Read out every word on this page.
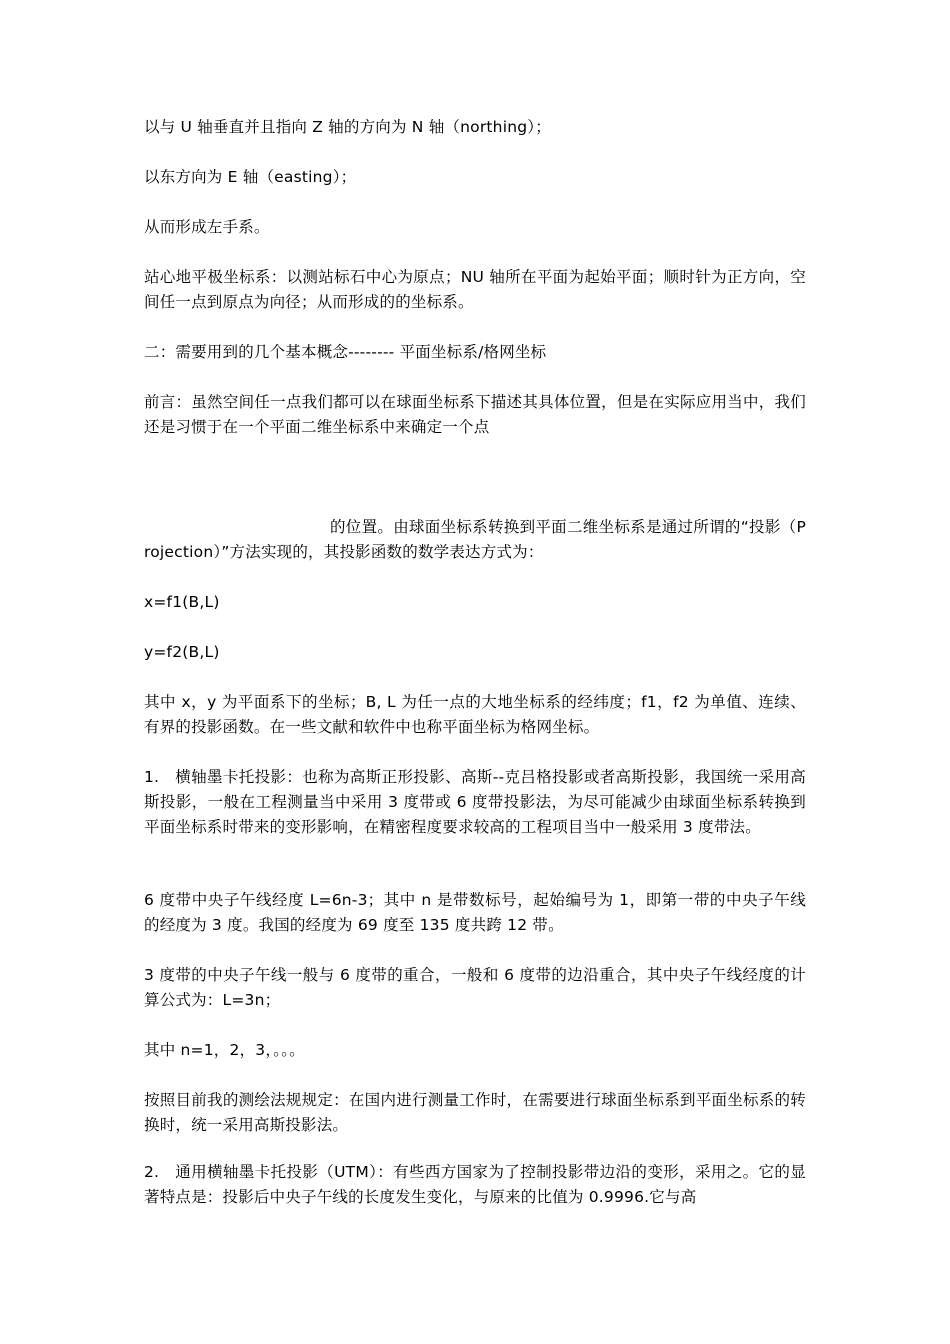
以与 U 轴垂直并且指向 Z 轴的方向为 N 轴（northing）；

以东方向为 E 轴（easting）；

从而形成左手系。

站心地平极坐标系：以测站标石中心为原点；NU 轴所在平面为起始平面；顺时针为正方向，空间任一点到原点为向径；从而形成的的坐标系。

二：需要用到的几个基本概念-------- 平面坐标系/格网坐标

前言：虽然空间任一点我们都可以在球面坐标系下描述其具体位置，但是在实际应用当中，我们还是习惯于在一个平面二维坐标系中来确定一个点

的位置。由球面坐标系转换到平面二维坐标系是通过所谓的“投影（Projection）”方法实现的，其投影函数的数学表达方式为：

x=f1(B,L)

y=f2(B,L)

其中 x，y 为平面系下的坐标；B, L 为任一点的大地坐标系的经纬度；f1，f2 为单值、连续、有界的投影函数。在一些文献和软件中也称平面坐标为格网坐标。

1.　横轴墨卡托投影：也称为高斯正形投影、高斯--克吕格投影或者高斯投影，我国统一采用高斯投影，一般在工程测量当中采用 3 度带或 6 度带投影法，为尽可能减少由球面坐标系转换到平面坐标系时带来的变形影响，在精密程度要求较高的工程项目当中一般采用 3 度带法。

6 度带中央子午线经度 L=6n-3；其中 n 是带数标号，起始编号为 1，即第一带的中央子午线的经度为 3 度。我国的经度为 69 度至 135 度共跨 12 带。

3 度带的中央子午线一般与 6 度带的重合，一般和 6 度带的边沿重合，其中央子午线经度的计算公式为：L=3n；

其中 n=1，2，3，。。。

按照目前我的测绘法规规定：在国内进行测量工作时，在需要进行球面坐标系到平面坐标系的转换时，统一采用高斯投影法。

2.　通用横轴墨卡托投影（UTM）：有些西方国家为了控制投影带边沿的变形，采用之。它的显著特点是：投影后中央子午线的长度发生变化，与原来的比值为 0.9996.它与高
